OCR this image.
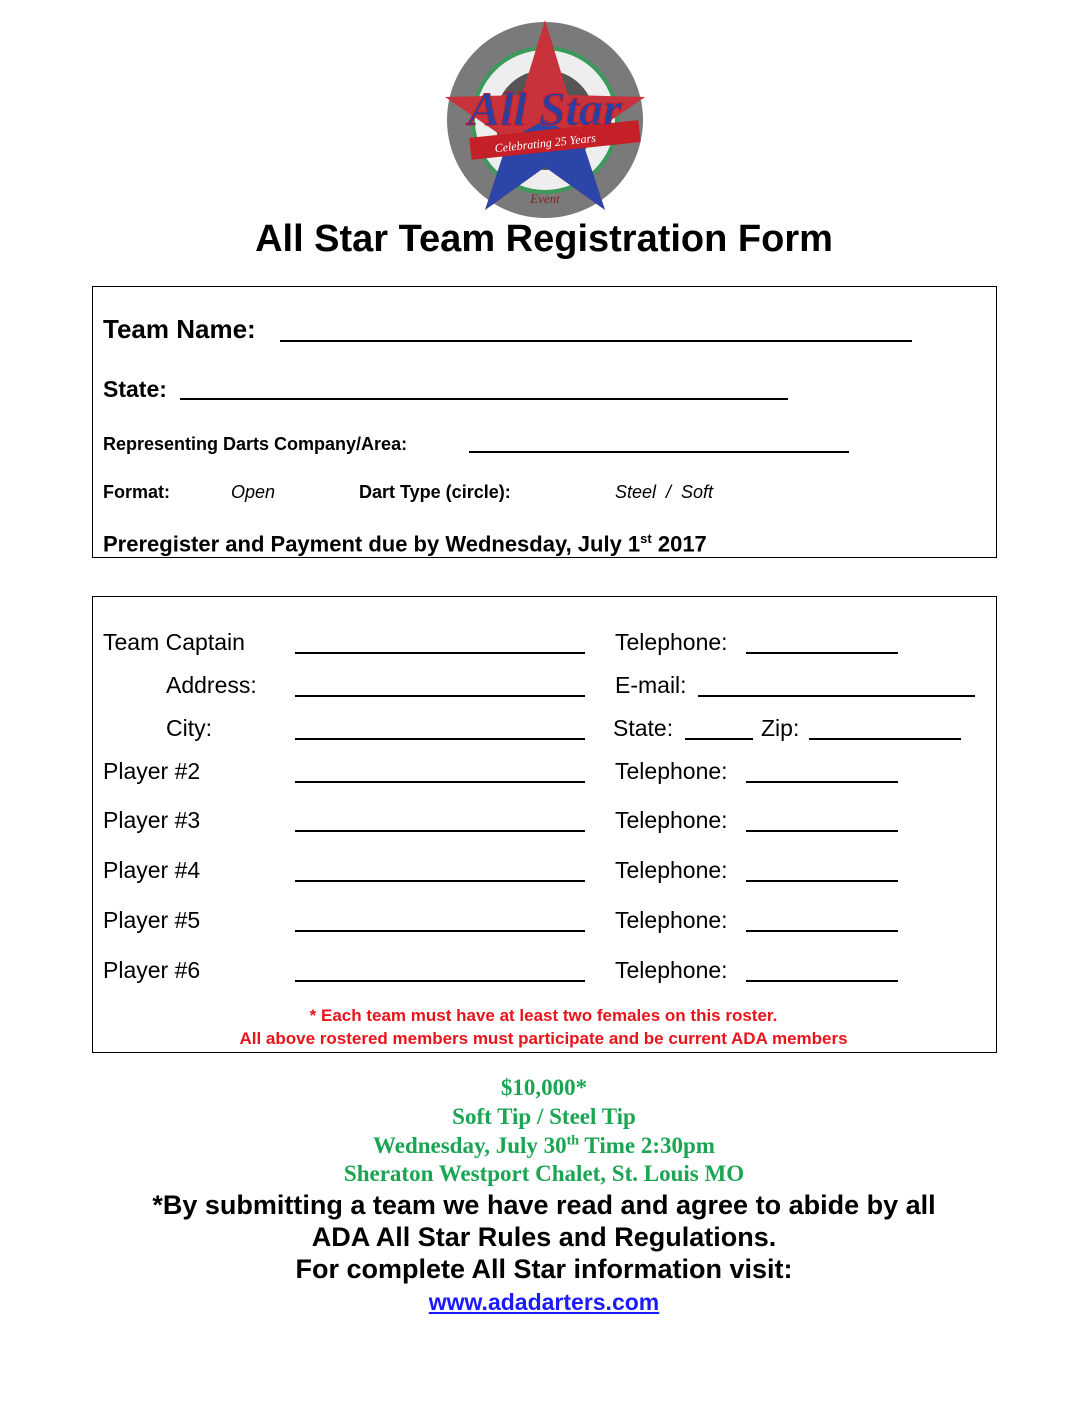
Celebrating 25 Years
All Star
Event
All Star Team Registration Form
Team Name:
State:
Representing Darts Company/Area:
Format:	Open	Dart Type (circle):	Steel  /  Soft
Preregister and Payment due by Wednesday, July 1st 2017
Team Captain	Telephone:
Address:	E-mail:
City:	State:	Zip:
Player #2	Telephone:
Player #3	Telephone:
Player #4	Telephone:
Player #5	Telephone:
Player #6	Telephone:
* Each team must have at least two females on this roster.
All above rostered members must participate and be current ADA members
$10,000*
Soft Tip / Steel Tip
Wednesday, July 30th Time 2:30pm
Sheraton Westport Chalet, St. Louis MO
*By submitting a team we have read and agree to abide by all
ADA All Star Rules and Regulations.
For complete All Star information visit:
www.adadarters.com
